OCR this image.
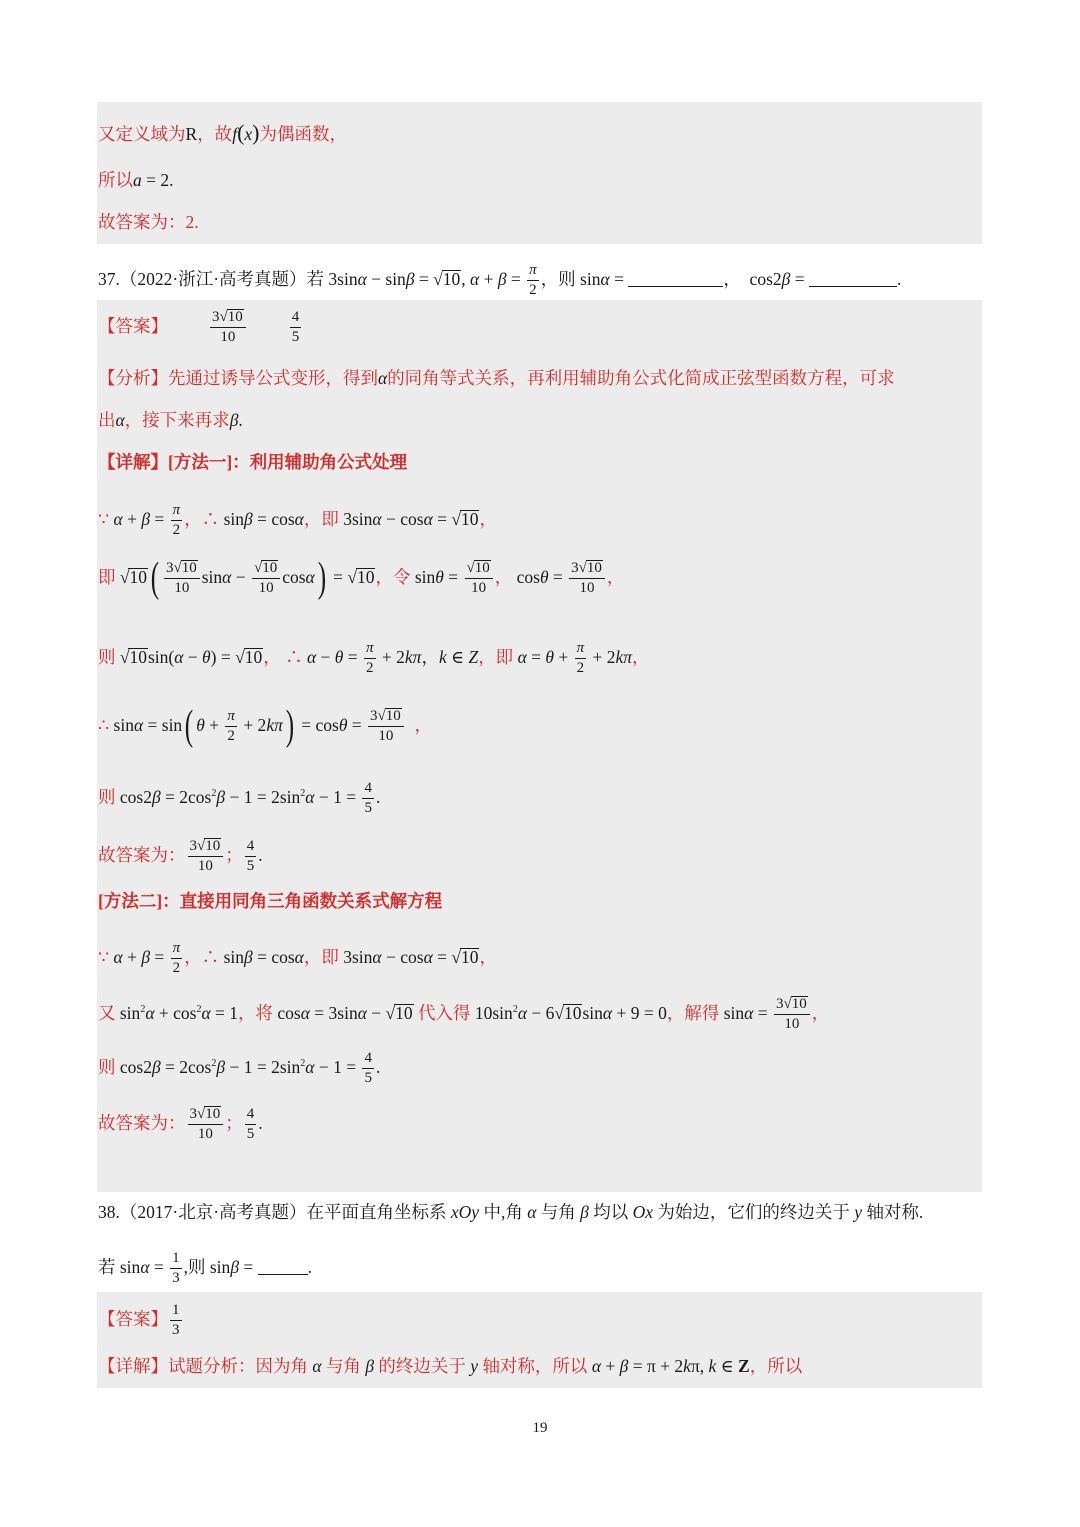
又定义域为R，故f(x)为偶函数，
所以a = 2.
故答案为：2.
37.（2022·浙江·高考真题）若 3sinα − sinβ = √10, $\alpha + \beta = \frac{\pi}{2}$ ，则 sinα =	，  cos2β =	.
【答案】	$\frac{3√10}{10}$	$\frac{4}{5}$
【分析】先通过诱导公式变形，得到α的同角等式关系，再利用辅助角公式化简成正弦型函数方程，可求
出α，接下来再求β.
【详解】[方法一]：利用辅助角公式处理
∵ $\alpha + \beta = \frac{\pi}{2}$ ，∴ sinβ = cosα，即 3sinα − cosα = √10，
即 $√10( \frac{3√10}{10}$ $\sin\alpha - \frac{√10}{10} \cos\alpha) = √10$，令 $\sin\theta = \frac{√10}{10}$ ， $\cos\theta = \frac{3√10}{10}$ ，
则 √10sin(α − θ) = √10， ∴ $\alpha - \theta = \frac{\pi}{2} + 2k\pi$，k ∈ Z，即 $\alpha = \theta + \frac{\pi}{2} + 2k\pi$，
∴ sinα = sin( $\theta + \frac{\pi}{2} + 2k\pi) = \cos\theta = \frac{3√10}{10}$ ，
则 $\cos 2\beta = 2\cos^2\beta - 1 = 2\sin^2\alpha - 1 = \frac{4}{5}$ .
故答案为： $\frac{3√10}{10}$ ； $\frac{4}{5}$ .
[方法二]：直接用同角三角函数关系式解方程
∵ $\alpha + \beta = \frac{\pi}{2}$ ，∴ sinβ = cosα，即 3sinα − cosα = √10，
又 $\sin^2\alpha + \cos^2\alpha = 1$，将 cosα = 3sinα − √10 代入得 $10\sin^2\alpha - 6√10\sin\alpha + 9 = 0$，解得 $\sin\alpha = \frac{3√10}{10}$ ，
则 $\cos 2\beta = 2\cos^2\beta - 1 = 2\sin^2\alpha - 1 = \frac{4}{5}$ .
故答案为： $\frac{3√10}{10}$ ； $\frac{4}{5}$ .
38.（2017·北京·高考真题）在平面直角坐标系 xOy 中,角 α 与角 β 均以 Ox 为始边，它们的终边关于 y 轴对称.
若 $\sin\alpha = \frac{1}{3}$ ,则 sinβ =	.
【答案】 $\frac{1}{3}$
【详解】试题分析：因为角 α 与角 β 的终边关于 y 轴对称，所以 α + β = π + 2kπ, k ∈ Z，所以
19
